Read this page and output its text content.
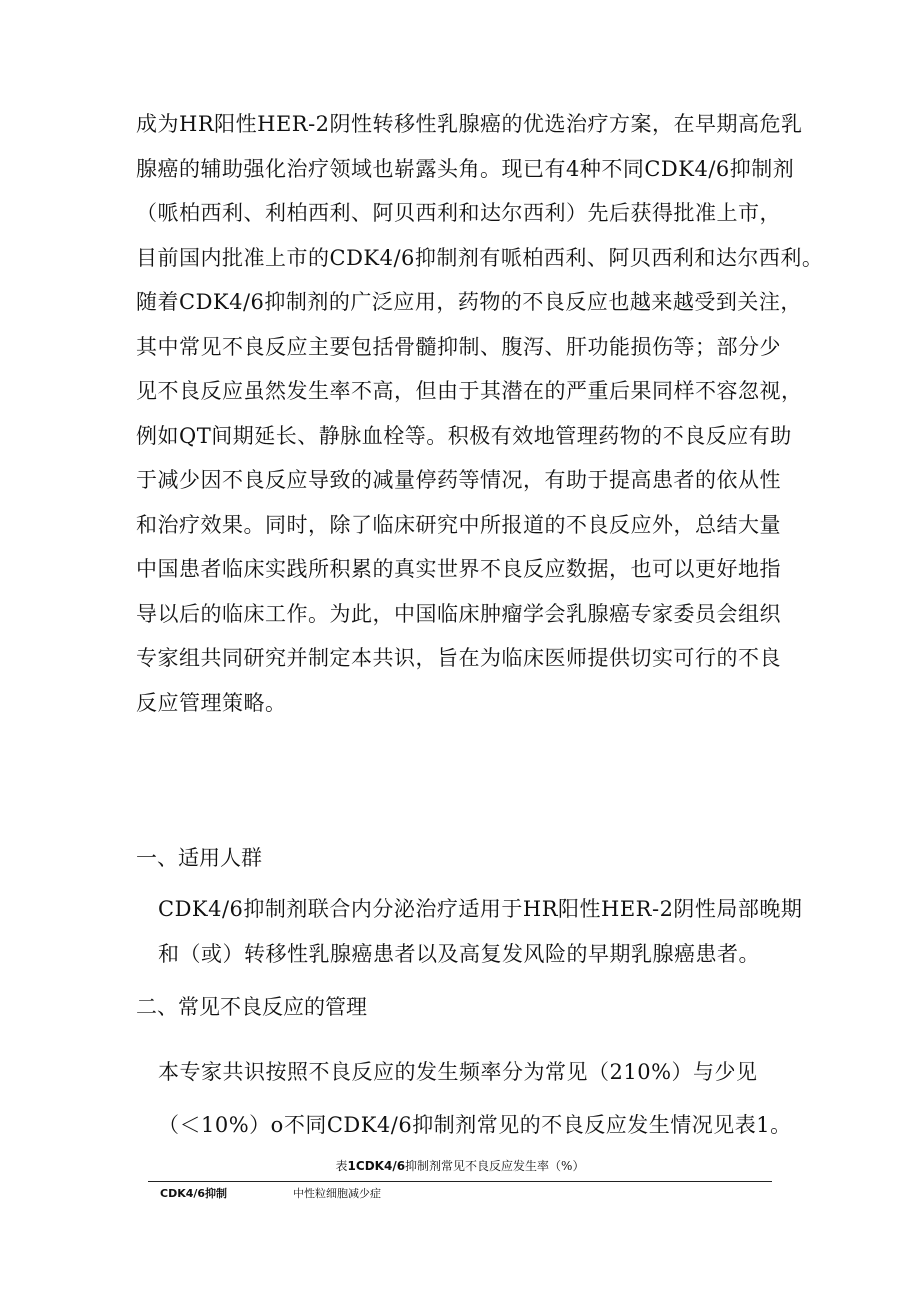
成为HR阳性HER-2阴性转移性乳腺癌的优选治疗方案，在早期高危乳
腺癌的辅助强化治疗领域也崭露头角。现已有4种不同CDK4/6抑制剂
（哌柏西利、利柏西利、阿贝西利和达尔西利）先后获得批准上市，
目前国内批准上市的CDK4/6抑制剂有哌柏西利、阿贝西利和达尔西利。
随着CDK4/6抑制剂的广泛应用，药物的不良反应也越来越受到关注，
其中常见不良反应主要包括骨髓抑制、腹泻、肝功能损伤等；部分少
见不良反应虽然发生率不高，但由于其潜在的严重后果同样不容忽视，
例如QT间期延长、静脉血栓等。积极有效地管理药物的不良反应有助
于减少因不良反应导致的减量停药等情况，有助于提高患者的依从性
和治疗效果。同时，除了临床研究中所报道的不良反应外，总结大量
中国患者临床实践所积累的真实世界不良反应数据，也可以更好地指
导以后的临床工作。为此，中国临床肿瘤学会乳腺癌专家委员会组织
专家组共同研究并制定本共识，旨在为临床医师提供切实可行的不良
反应管理策略。
一、适用人群
CDK4/6抑制剂联合内分泌治疗适用于HR阳性HER-2阴性局部晚期
和（或）转移性乳腺癌患者以及高复发风险的早期乳腺癌患者。
二、常见不良反应的管理
本专家共识按照不良反应的发生频率分为常见（210%）与少见
（＜10%）o不同CDK4/6抑制剂常见的不良反应发生情况见表1。
表1CDK4/6抑制剂常见不良反应发生率（%）
CDK4/6抑制	中性粒细胞减少症
